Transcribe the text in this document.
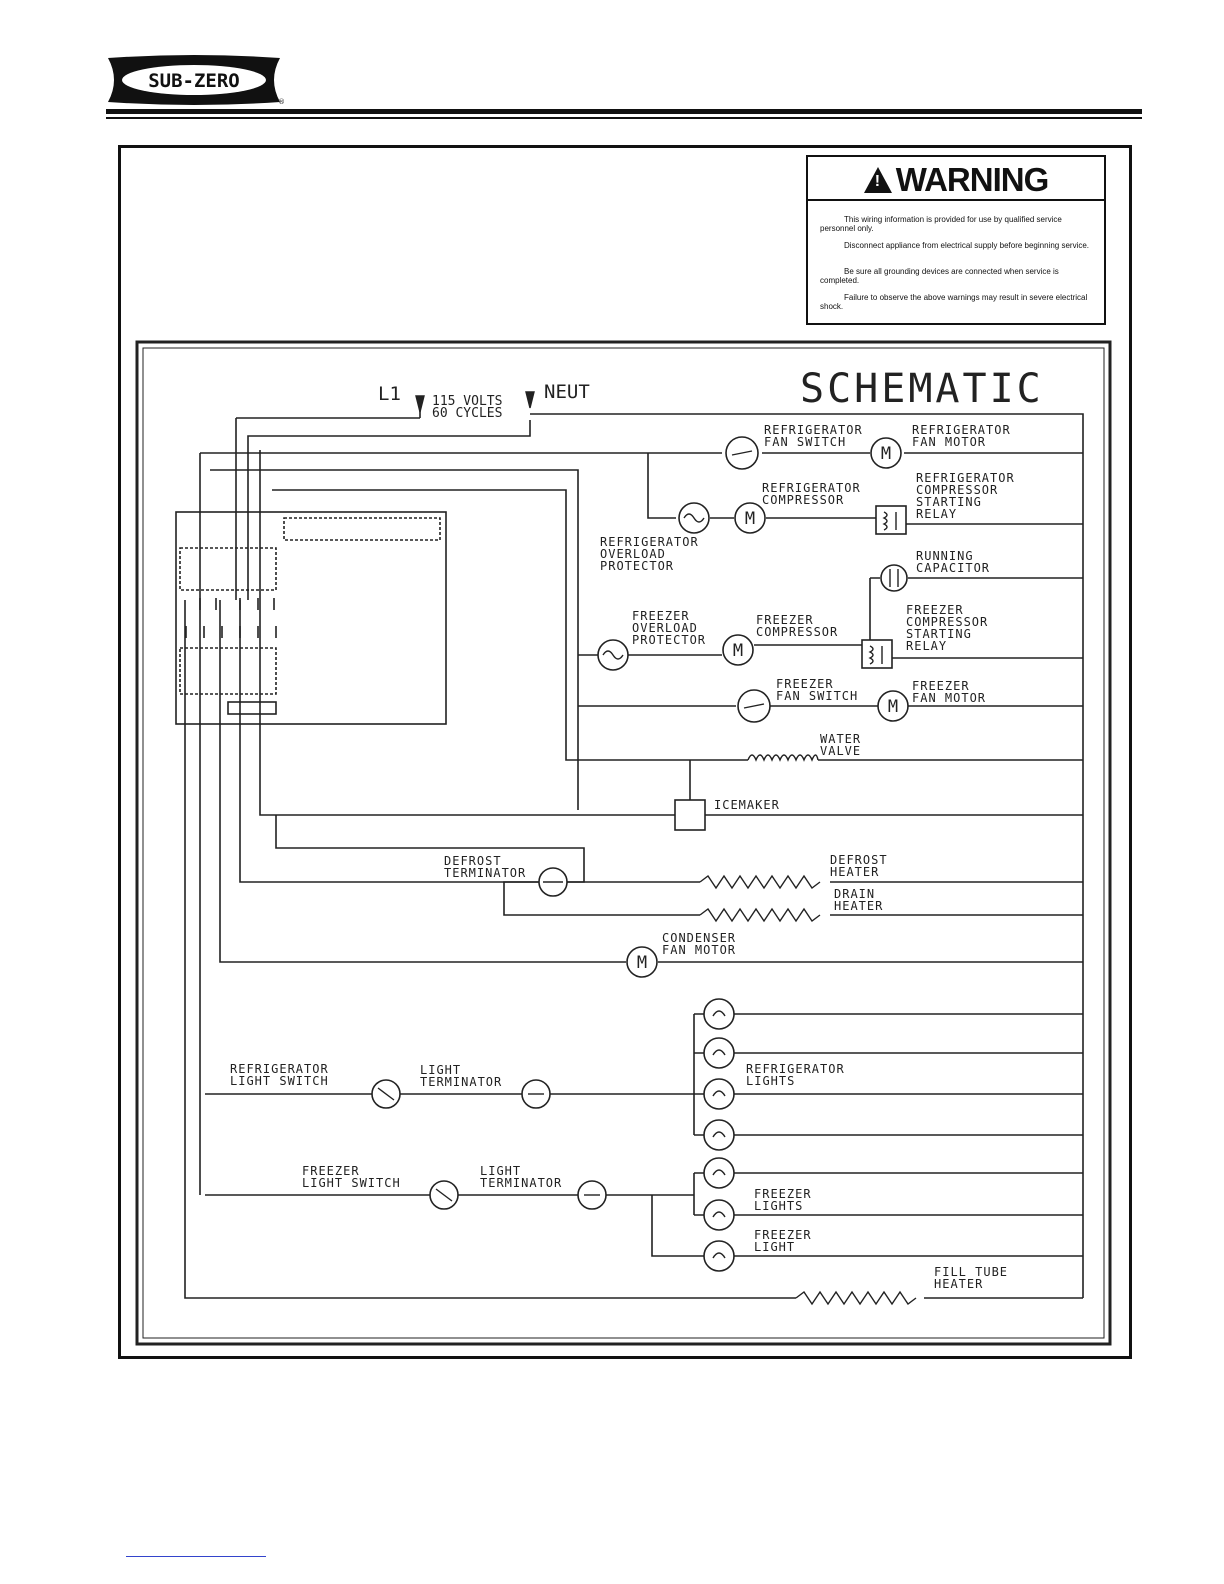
SUB-ZERO
®
!WARNING
This wiring information is provided for use by qualified service personnel only.
Disconnect appliance from electrical supply before beginning service.
Be sure all grounding devices are connected when service is completed.
Failure to observe the above warnings may result in severe electrical shock.
M
M
M
M
M
SCHEMATIC
L1 115 VOLTS
60 CYCLES
NEUT
REFRIGERATOR
FAN SWITCH
REFRIGERATOR
FAN MOTOR
REFRIGERATOR
COMPRESSOR
REFRIGERATOR
COMPRESSOR
STARTING
RELAY
REFRIGERATOR
OVERLOAD
PROTECTOR
RUNNING
CAPACITOR
FREEZER
OVERLOAD
PROTECTOR
FREEZER
COMPRESSOR
FREEZER
COMPRESSOR
STARTING
RELAY
FREEZER
FAN SWITCH
FREEZER
FAN MOTOR
WATER
VALVE
ICEMAKER
DEFROST
TERMINATOR
DEFROST
HEATER
DRAIN
HEATER
CONDENSER
FAN MOTOR
REFRIGERATOR
LIGHT SWITCH
LIGHT
TERMINATOR
REFRIGERATOR
LIGHTS
FREEZER
LIGHT SWITCH
LIGHT
TERMINATOR
FREEZER
LIGHTS
FREEZER
LIGHT
FILL TUBE
HEATER
